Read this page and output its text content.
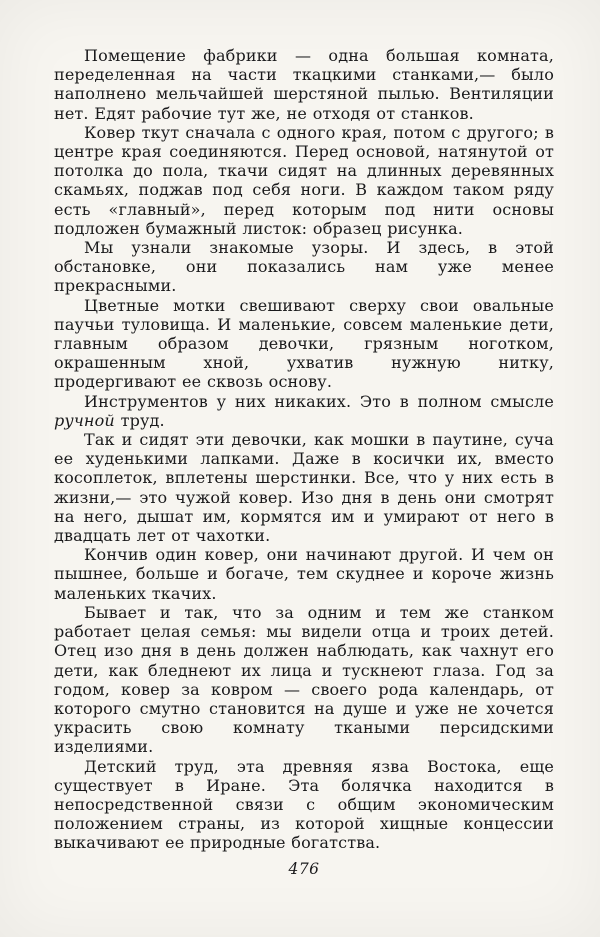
Помещение фабрики — одна большая комната, переделенная на части ткацкими станками,— было наполнено мельчайшей шерстяной пылью. Вентиляции нет. Едят рабочие тут же, не отходя от станков.

Ковер ткут сначала с одного края, потом с другого; в центре края соединяются. Перед основой, натянутой от потолка до пола, ткачи сидят на длинных деревянных скамьях, поджав под себя ноги. В каждом таком ряду есть «главный», перед которым под нити основы подложен бумажный листок: образец рисунка.

Мы узнали знакомые узоры. И здесь, в этой обстановке, они показались нам уже менее прекрасными.

Цветные мотки свешивают сверху свои овальные паучьи туловища. И маленькие, совсем маленькие дети, главным образом девочки, грязным ноготком, окрашенным хной, ухватив нужную нитку, продергивают ее сквозь основу.

Инструментов у них никаких. Это в полном смысле ручной труд.

Так и сидят эти девочки, как мошки в паутине, суча ее худенькими лапками. Даже в косички их, вместо косоплеток, вплетены шерстинки. Все, что у них есть в жизни,— это чужой ковер. Изо дня в день они смотрят на него, дышат им, кормятся им и умирают от него в двадцать лет от чахотки.

Кончив один ковер, они начинают другой. И чем он пышнее, больше и богаче, тем скуднее и короче жизнь маленьких ткачих.

Бывает и так, что за одним и тем же станком работает целая семья: мы видели отца и троих детей. Отец изо дня в день должен наблюдать, как чахнут его дети, как бледнеют их лица и тускнеют глаза. Год за годом, ковер за ковром — своего рода календарь, от которого смутно становится на душе и уже не хочется украсить свою комнату ткаными персидскими изделиями.

Детский труд, эта древняя язва Востока, еще существует в Иране. Эта болячка находится в непосредственной связи с общим экономическим положением страны, из которой хищные концессии выкачивают ее природные богатства.

476
